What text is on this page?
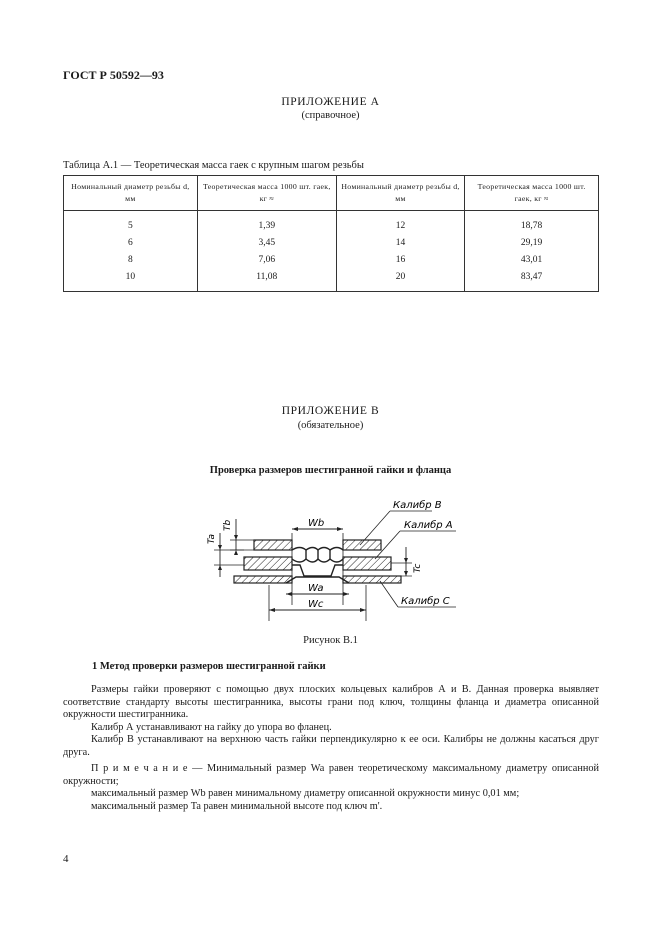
ГОСТ Р 50592—93
ПРИЛОЖЕНИЕ А
(справочное)
Таблица А.1 — Теоретическая масса гаек с крупным шагом резьбы
Номинальный диаметр резьбы d, мм	Теоретическая масса 1000 шт. гаек, кг ≈	Номинальный диаметр резьбы d, мм	Теоретическая масса 1000 шт. гаек, кг ≈
5	1,39	12	18,78
6	3,45	14	29,19
8	7,06	16	43,01
10	11,08	20	83,47
ПРИЛОЖЕНИЕ В
(обязательное)
Проверка размеров шестигранной гайки и фланца
Wb
Wa
Wc
Tb
Ta
Tc
Калибр В
Калибр А
Калибр С
Рисунок В.1
1 Метод проверки размеров шестигранной гайки

Размеры гайки проверяют с помощью двух плоских кольцевых калибров А и В. Данная проверка выявляет соответствие стандарту высоты шестигранника, высоты грани под ключ, толщины фланца и диаметра описанной окружности шестигранника.

Калибр А устанавливают на гайку до упора во фланец.

Калибр В устанавливают на верхнюю часть гайки перпендикулярно к ее оси. Калибры не должны касаться друг друга.

П р и м е ч а н и е — Минимальный размер Wa равен теоретическому максимальному диаметру описанной окружности;

максимальный размер Wb равен минимальному диаметру описанной окружности минус 0,01 мм;

максимальный размер Ta равен минимальной высоте под ключ m'.

4
